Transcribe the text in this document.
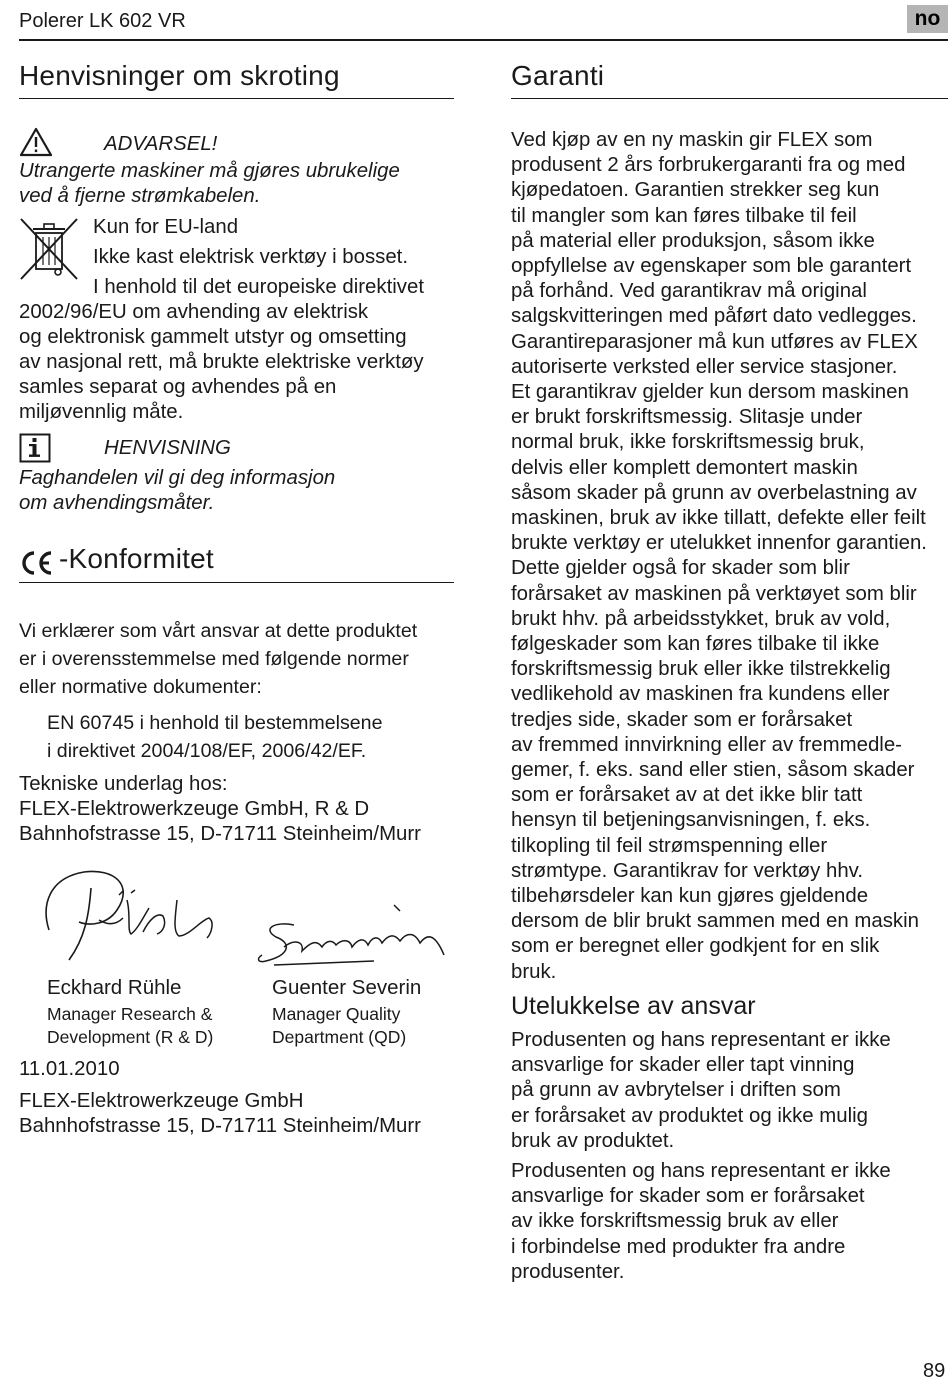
Polerer LK 602 VR	no
Henvisninger om skroting
ADVARSEL!
Utrangerte maskiner må gjøres ubrukelige
ved å fjerne strømkabelen.
Kun for EU-land
Ikke kast elektrisk verktøy i bosset.
I henhold til det europeiske direktivet
2002/96/EU om avhending av elektrisk
og elektronisk gammelt utstyr og omsetting
av nasjonal rett, må brukte elektriske verktøy
samles separat og avhendes på en
miljøvennlig måte.
HENVISNING
Faghandelen vil gi deg informasjon
om avhendingsmåter.
-Konformitet
Vi erklærer som vårt ansvar at dette produktet
er i overensstemmelse med følgende normer
eller normative dokumenter:
EN 60745 i henhold til bestemmelsene
i direktivet 2004/108/EF, 2006/42/EF.
Tekniske underlag hos:
FLEX-Elektrowerkzeuge GmbH, R & D
Bahnhofstrasse 15, D-71711 Steinheim/Murr
Eckhard Rühle
Manager Research &
Development (R & D)
Guenter Severin
Manager Quality
Department (QD)
11.01.2010
FLEX-Elektrowerkzeuge GmbH
Bahnhofstrasse 15, D-71711 Steinheim/Murr
Garanti
Ved kjøp av en ny maskin gir FLEX som
produsent 2 års forbrukergaranti fra og med
kjøpedatoen. Garantien strekker seg kun
til mangler som kan føres tilbake til feil
på material eller produksjon, såsom ikke
oppfyllelse av egenskaper som ble garantert
på forhånd. Ved garantikrav må original
salgskvitteringen med påført dato vedlegges.
Garantireparasjoner må kun utføres av FLEX
autoriserte verksted eller service stasjoner.
Et garantikrav gjelder kun dersom maskinen
er brukt forskriftsmessig. Slitasje under
normal bruk, ikke forskriftsmessig bruk,
delvis eller komplett demontert maskin
såsom skader på grunn av overbelastning av
maskinen, bruk av ikke tillatt, defekte eller feilt
brukte verktøy er utelukket innenfor garantien.
Dette gjelder også for skader som blir
forårsaket av maskinen på verktøyet som blir
brukt hhv. på arbeidsstykket, bruk av vold,
følgeskader som kan føres tilbake til ikke
forskriftsmessig bruk eller ikke tilstrekkelig
vedlikehold av maskinen fra kundens eller
tredjes side, skader som er forårsaket
av fremmed innvirkning eller av fremmedle-
gemer, f. eks. sand eller stien, såsom skader
som er forårsaket av at det ikke blir tatt
hensyn til betjeningsanvisningen, f. eks.
tilkopling til feil strømspenning eller
strømtype. Garantikrav for verktøy hhv.
tilbehørsdeler kan kun gjøres gjeldende
dersom de blir brukt sammen med en maskin
som er beregnet eller godkjent for en slik
bruk.
Utelukkelse av ansvar
Produsenten og hans representant er ikke
ansvarlige for skader eller tapt vinning
på grunn av avbrytelser i driften som
er forårsaket av produktet og ikke mulig
bruk av produktet.
Produsenten og hans representant er ikke
ansvarlige for skader som er forårsaket
av ikke forskriftsmessig bruk av eller
i forbindelse med produkter fra andre
produsenter.
89
